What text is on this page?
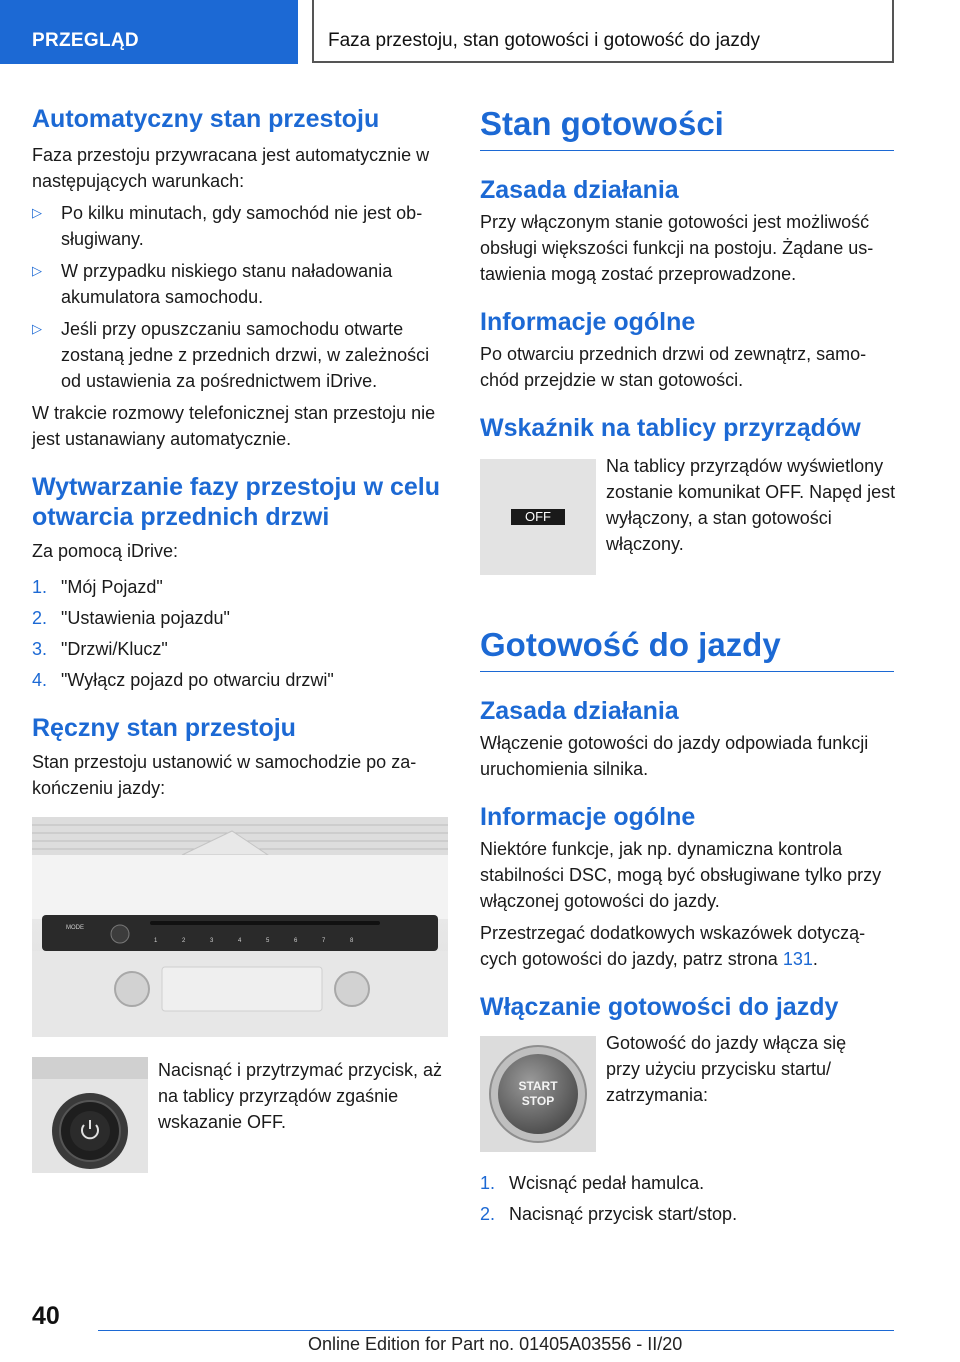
PRZEGLĄD	Faza przestoju, stan gotowości i gotowość do jazdy
Automatyczny stan przestoju

Faza przestoju przywracana jest automatycznie w następujących warunkach:

▷ Po kilku minutach, gdy samochód nie jest obsługiwany.
▷ W przypadku niskiego stanu naładowania akumulatora samochodu.
▷ Jeśli przy opuszczaniu samochodu otwarte zostaną jedne z przednich drzwi, w zależności od ustawienia za pośrednictwem iDrive.

W trakcie rozmowy telefonicznej stan przestoju nie jest ustanawiany automatycznie.

Wytwarzanie fazy przestoju w celu otwarcia przednich drzwi

Za pomocą iDrive:

1. "Mój Pojazd"
2. "Ustawienia pojazdu"
3. "Drzwi/Klucz"
4. "Wyłącz pojazd po otwarciu drzwi"
Ręczny stan przestoju

Stan przestoju ustanowić w samochodzie po zakończeniu jazdy:

MODE
1	2	3	4	5	6	7	8
Nacisnąć i przytrzymać przycisk, aż na tablicy przyrządów zgaśnie wskazanie OFF.
Stan gotowości
Zasada działania

Przy włączonym stanie gotowości jest możliwość obsługi większości funkcji na postoju. Żądane ustawienia mogą zostać przeprowadzone.

Informacje ogólne

Po otwarciu przednich drzwi od zewnątrz, samochód przejdzie w stan gotowości.

Wskaźnik na tablicy przyrządów
OFF
Na tablicy przyrządów wyświetlony zostanie komunikat OFF. Napęd jest wyłączony, a stan gotowości włączony.
Gotowość do jazdy
Zasada działania

Włączenie gotowości do jazdy odpowiada funkcji uruchomienia silnika.

Informacje ogólne

Niektóre funkcje, jak np. dynamiczna kontrola stabilności DSC, mogą być obsługiwane tylko przy włączonej gotowości do jazdy.

Przestrzegać dodatkowych wskazówek dotyczących gotowości do jazdy, patrz strona 131.

Włączanie gotowości do jazdy
START
STOP
Gotowość do jazdy włącza się przy użyciu przycisku startu/ zatrzymania:
1. Wcisnąć pedał hamulca.
2. Nacisnąć przycisk start/stop.
40
Online Edition for Part no. 01405A03556 - II/20
